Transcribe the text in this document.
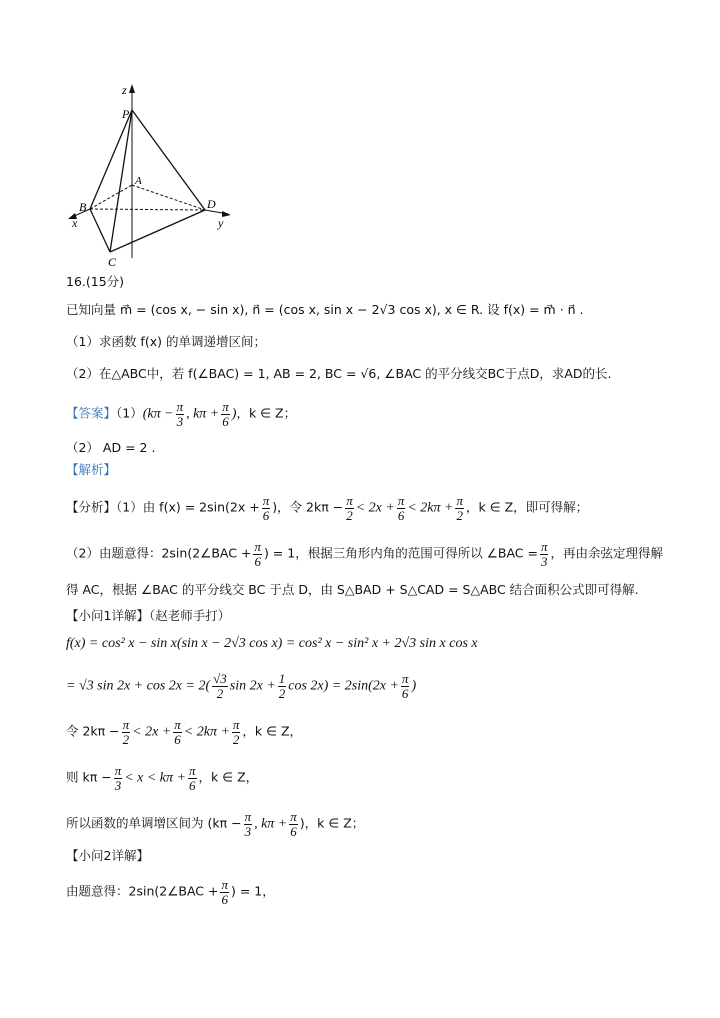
z
P
A
B	D
x	y
C
16.(15分)
已知向量 m⃗ = (cos x, − sin x), n⃗ = (cos x, sin x − 2√3 cos x), x ∈ R. 设 f(x) = m⃗ · n⃗ .
（1）求函数 f(x) 的单调递增区间；
（2）在△ABC中，若 f(∠BAC) = 1, AB = 2, BC = √6, ∠BAC 的平分线交BC于点D，求AD的长.
【答案】$(1)(k\pi - \frac{\pi}{3}$ , $k\pi + \frac{\pi}{6}$ )，k ∈ Z；
（2） AD = 2 .
【解析】
【分析】（1）由 $f(x) = 2\sin(2x + \frac{\pi}{6}$ )，令 $2k\pi - \frac{\pi}{2} < 2x + \frac{\pi}{6} < 2k\pi + \frac{\pi}{2}$ ，k ∈ Z，即可得解；
（2）由题意得：2sin(2∠BAC + $\frac{\pi}{6}$ ) = 1，根据三角形内角的范围可得所以 ∠BAC = $\frac{\pi}{3}$ ，再由余弦定理得解
得 AC，根据 ∠BAC 的平分线交 BC 于点 D，由 S△BAD + S△CAD = S△ABC 结合面积公式即可得解.
【小问1详解】（赵老师手打）
f(x) = cos² x − sin x(sin x − 2√3 cos x) = cos² x − sin² x + 2√3 sin x cos x
= √3 $\sin 2x + \cos 2x = 2( \frac{√3}{2}$ $\sin 2x + \frac{1}{2}$ $\cos 2x) = 2\sin(2x + \frac{\pi}{6}$ )
令 $2k\pi - \frac{\pi}{2} < 2x + \frac{\pi}{6} < 2k\pi + \frac{\pi}{2}$ ，k ∈ Z，
则 $k\pi - \frac{\pi}{3} < x < k\pi + \frac{\pi}{6}$ ，k ∈ Z，
所以函数的单调增区间为 ($k\pi - \frac{\pi}{3}$ , $k\pi + \frac{\pi}{6}$ )，k ∈ Z；
【小问2详解】
由题意得：2sin(2∠BAC + $\frac{\pi}{6}$ ) = 1，
